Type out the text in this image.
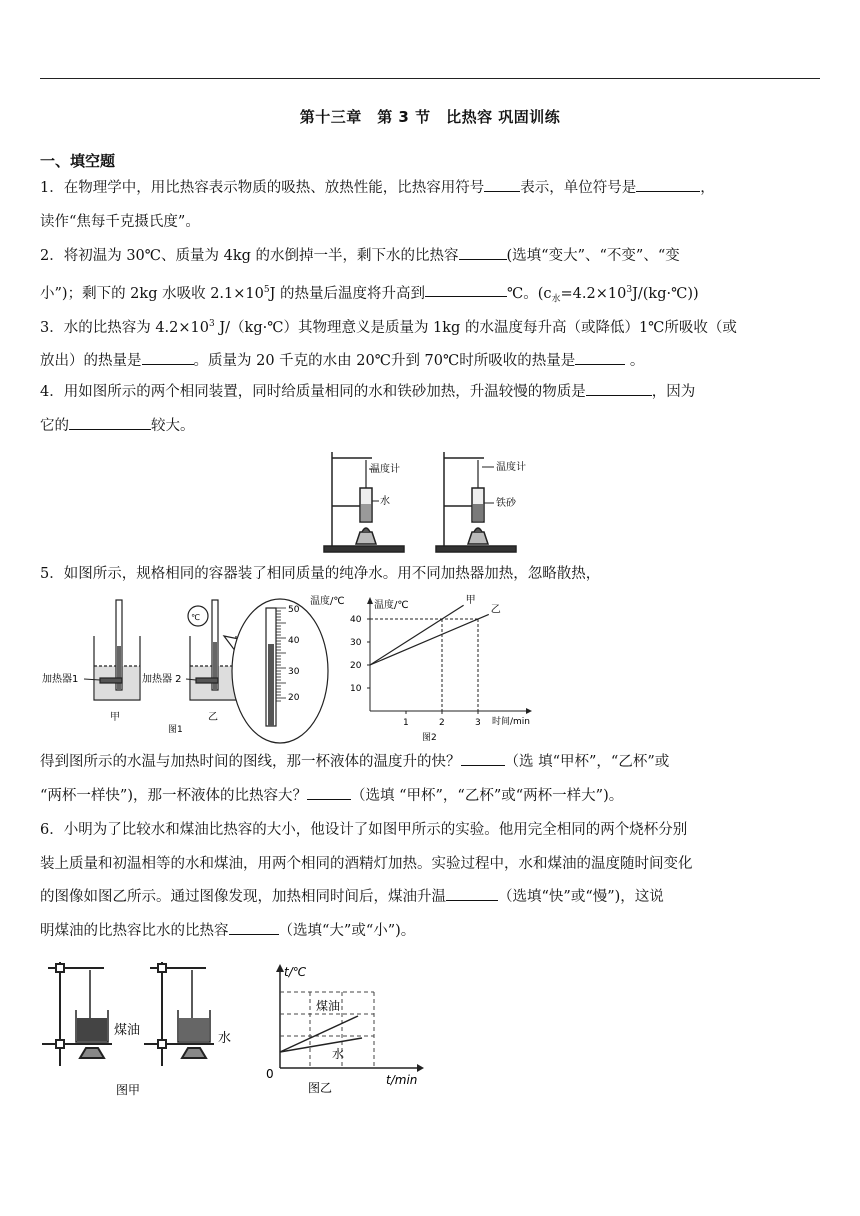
第十三章　第 3 节　比热容 巩固训练
一、填空题
1．在物理学中，用比热容表示物质的吸热、放热性能，比热容用符号 表示，单位符号是	，
读作“焦每千克摄氏度”。
2．将初温为 30℃、质量为 4kg 的水倒掉一半，剩下水的比热容	(选填“变大”、“不变”、“变
小”)；剩下的 2kg 水吸收 $2.1\times 10^5J$ 的热量后温度将升高到	℃。$(c_水=4.2\times 10^3J/(kg\cdot℃))$
3．水的比热容为 $4.2\times 10^3$ J/（kg·℃）其物理意义是质量为 1kg 的水温度每升高（或降低）1℃所吸收（或
放出）的热量是	。质量为 20 千克的水由 20℃升到 70℃时所吸收的热量是	。
4．用如图所示的两个相同装置，同时给质量相同的水和铁砂加热，升温较慢的物质是	，因为
它的	较大。
温度计
水
温度计
铁砂
5．如图所示，规格相同的容器装了相同质量的纯净水。用不同加热器加热，忽略散热，
加热器1
甲
℃
加热器 2
乙
图1
50
40
30
20
温度/℃	温度/℃
时间/min
图2
10
20
30
40
1	2	3
甲
乙
得到图所示的水温与加热时间的图线，那一杯液体的温度升的快？	（选 填“甲杯”，“乙杯”或
“两杯一样快”)，那一杯液体的比热容大？	（选填 “甲杯”，“乙杯”或“两杯一样大”)。
6．小明为了比较水和煤油比热容的大小，他设计了如图甲所示的实验。他用完全相同的两个烧杯分别
装上质量和初温相等的水和煤油，用两个相同的酒精灯加热。实验过程中，水和煤油的温度随时间变化
的图像如图乙所示。通过图像发现，加热相同时间后，煤油升温	（选填“快”或“慢”)，这说
明煤油的比热容比水的比热容	（选填“大”或“小”)。
煤油
水
图甲
煤油
水
t/℃
t/min
0
图乙
